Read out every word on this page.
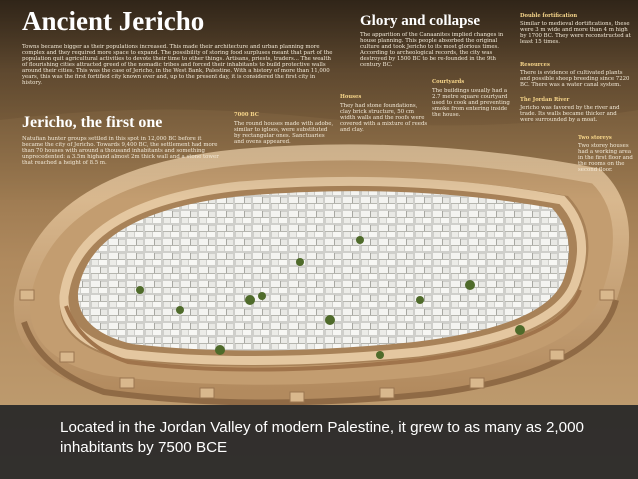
Ancient Jericho
Towns became bigger as their populations increased. This made their architecture and urban planning more complex and they required more space to expand. The possibility of storing food surpluses meant that part of the population quit agricultural activities to devote their time to other things. Artisans, priests, traders... The wealth of flourishing cities attracted greed of the nomadic tribes and forced their inhabitants to build protective walls around their cities. This was the case of Jericho, in the West Bank, Palestine. With a history of more than 11,000 years, this was the first fortified city known ever and, up to the present day, it is considered the first city in history.
Jericho, the first one
Natufian hunter groups settled in this spot in 12,000 BC before it became the city of Jericho. Towards 9,400 BC, the settlement had more than 70 houses with around a thousand inhabitants and something unprecedented: a 3.5m highand almost 2m thick wall and a stone tower that reached a height of 8.5 m.
7000 BC
The round houses made with adobe, similar to igloos, were substituted by rectangular ones. Sanctuaries and ovens appeared.
Glory and collapse
The apparition of the Canaanites implied changes in house planning. This people absorbed the original culture and took Jericho to its most glorious times. According to archeological records, the city was destroyed by 1500 BC to be re-founded in the 9th century BC.
Houses
They had stone foundations, clay brick structure, 50 cm width walls and the roofs were covered with a mixture of reeds and clay.
Courtyards
The buildings usually had a 2.7 metre square courtyard used to cook and preventing smoke from entering inside the house.
Double fortification
Similar to medieval dortifications, these were 3 m wide and more than 4 m high by 1700 BC. They were reconstructed at least 15 times.
Resources
There is evidence of cultivated plants and possible sheep breeding since 7220 BC. There was a water canal system.
The Jordan River
Jericho was favored by the river and trade. Its walls became thicker and were surrounded by a moat.
Two storeys
Two storey houses had a working area in the first floor and the rooms on the second floor.
Located in the Jordan Valley of modern Palestine, it grew to as many as 2,000 inhabitants by 7500 BCE
